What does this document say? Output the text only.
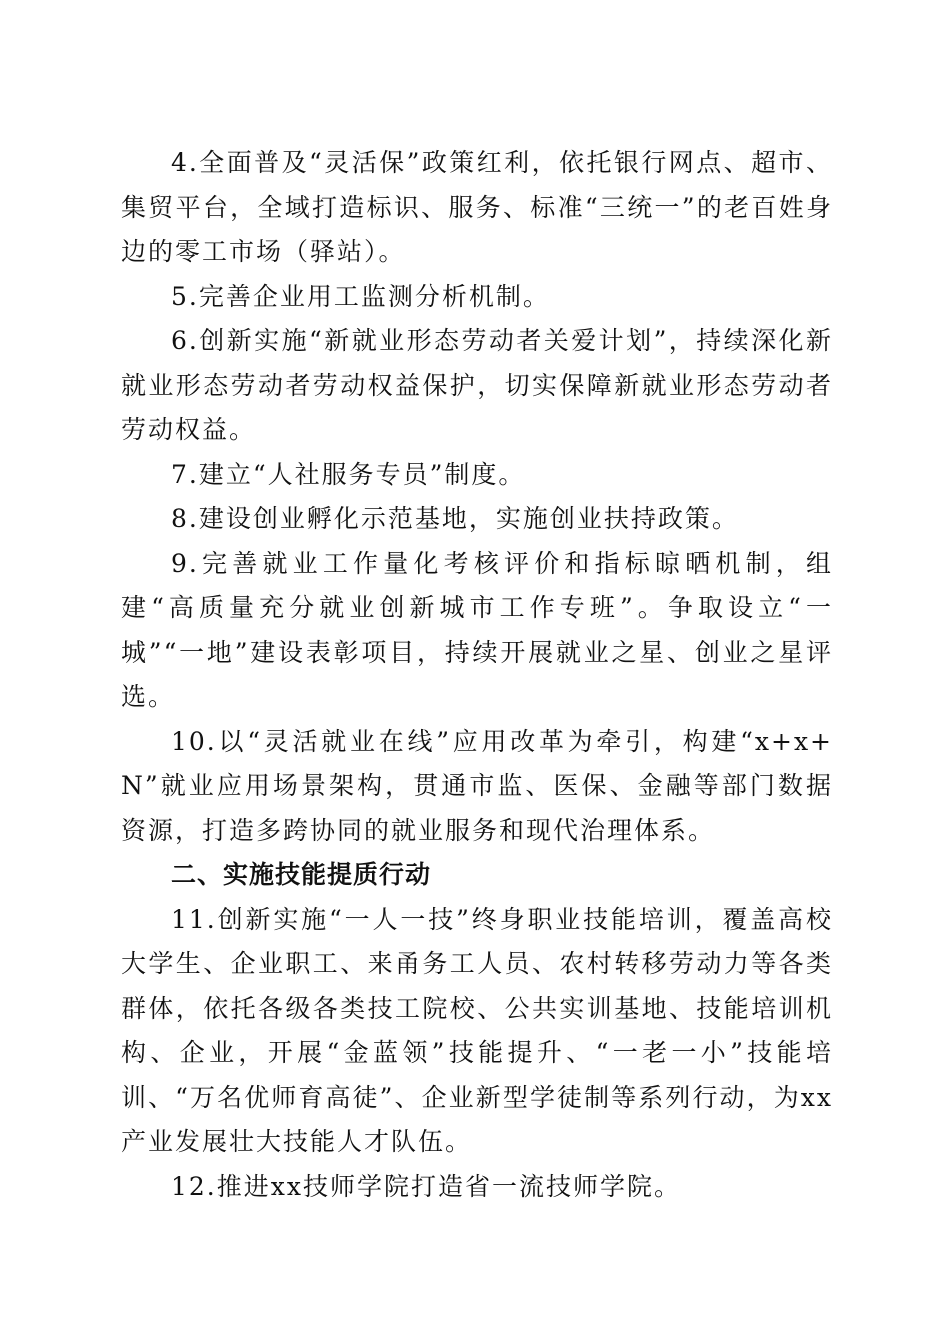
4.全面普及“灵活保”政策红利，依托银行网点、超市、集贸平台，全域打造标识、服务、标准“三统一”的老百姓身边的零工市场（驿站）。

5.完善企业用工监测分析机制。

6.创新实施“新就业形态劳动者关爱计划”，持续深化新就业形态劳动者劳动权益保护，切实保障新就业形态劳动者劳动权益。

7.建立“人社服务专员”制度。

8.建设创业孵化示范基地，实施创业扶持政策。

9.完善就业工作量化考核评价和指标晾晒机制，组建“高质量充分就业创新城市工作专班”。争取设立“一城”“一地”建设表彰项目，持续开展就业之星、创业之星评选。

10.以“灵活就业在线”应用改革为牵引，构建“x+x+N”就业应用场景架构，贯通市监、医保、金融等部门数据资源，打造多跨协同的就业服务和现代治理体系。

二、实施技能提质行动

11.创新实施“一人一技”终身职业技能培训，覆盖高校大学生、企业职工、来甬务工人员、农村转移劳动力等各类群体，依托各级各类技工院校、公共实训基地、技能培训机构、企业，开展“金蓝领”技能提升、“一老一小”技能培训、“万名优师育高徒”、企业新型学徒制等系列行动，为xx产业发展壮大技能人才队伍。

12.推进xx技师学院打造省一流技师学院。
